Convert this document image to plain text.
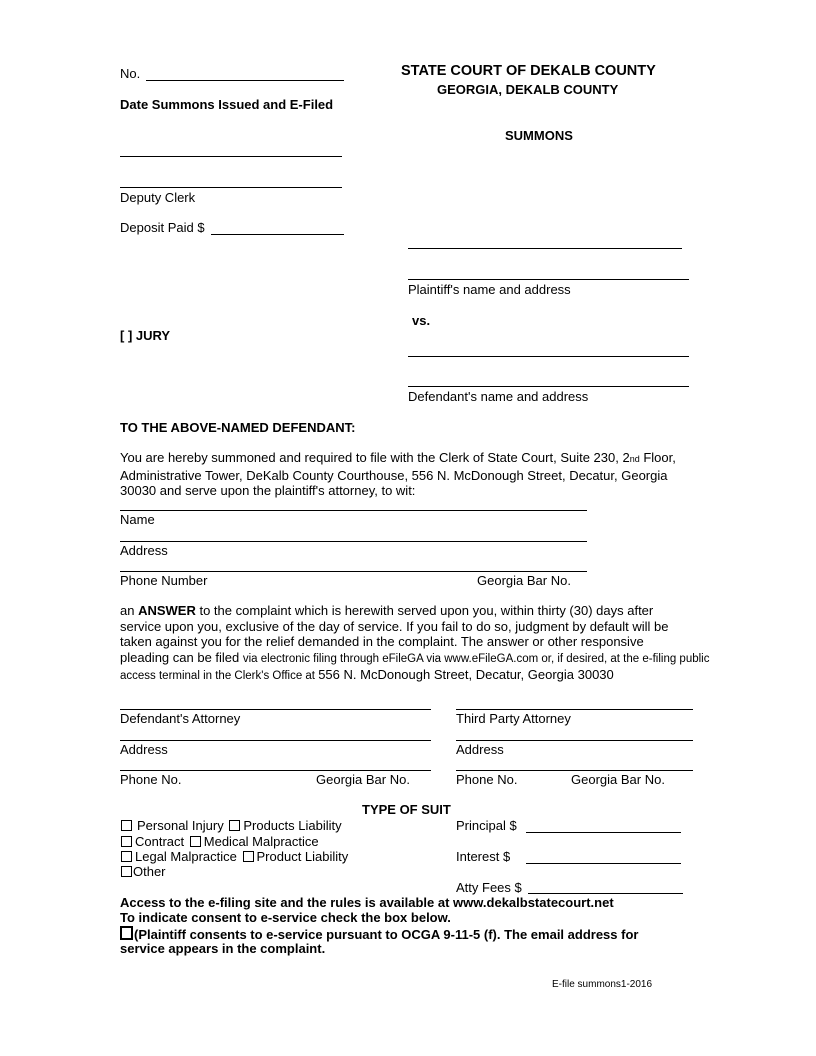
No.
Date Summons Issued and E-Filed
Deputy Clerk
Deposit Paid $
[ ] JURY
STATE COURT OF DEKALB COUNTY
GEORGIA, DEKALB COUNTY
SUMMONS
Plaintiff's name and address
vs.
Defendant's name and address
TO THE ABOVE-NAMED DEFENDANT:
You are hereby summoned and required to file with the Clerk of State Court, Suite 230, 2nd Floor,
Administrative Tower, DeKalb County Courthouse, 556 N. McDonough Street, Decatur, Georgia
30030 and serve upon the plaintiff's attorney, to wit:
Name
Address
Phone Number	Georgia Bar No.
an ANSWER to the complaint which is herewith served upon you, within thirty (30) days after
service upon you, exclusive of the day of service. If you fail to do so, judgment by default will be
taken against you for the relief demanded in the complaint. The answer or other responsive
pleading can be filed via electronic filing through eFileGA via www.eFileGA.com or, if desired, at the e-filing public
access terminal in the Clerk's Office at 556 N. McDonough Street, Decatur, Georgia 30030
Defendant's Attorney
Address
Phone No.	Georgia Bar No.
Third Party Attorney
Address
Phone No.	Georgia Bar No.
TYPE OF SUIT
Personal Injury Products Liability
Contract Medical Malpractice
Legal Malpractice Product Liability
Other
Principal $
Interest $
Atty Fees $
Access to the e-filing site and the rules is available at www.dekalbstatecourt.net
To indicate consent to e-service check the box below.
(Plaintiff consents to e-service pursuant to OCGA 9-11-5 (f). The email address for
service appears in the complaint.
E-file summons1-2016
